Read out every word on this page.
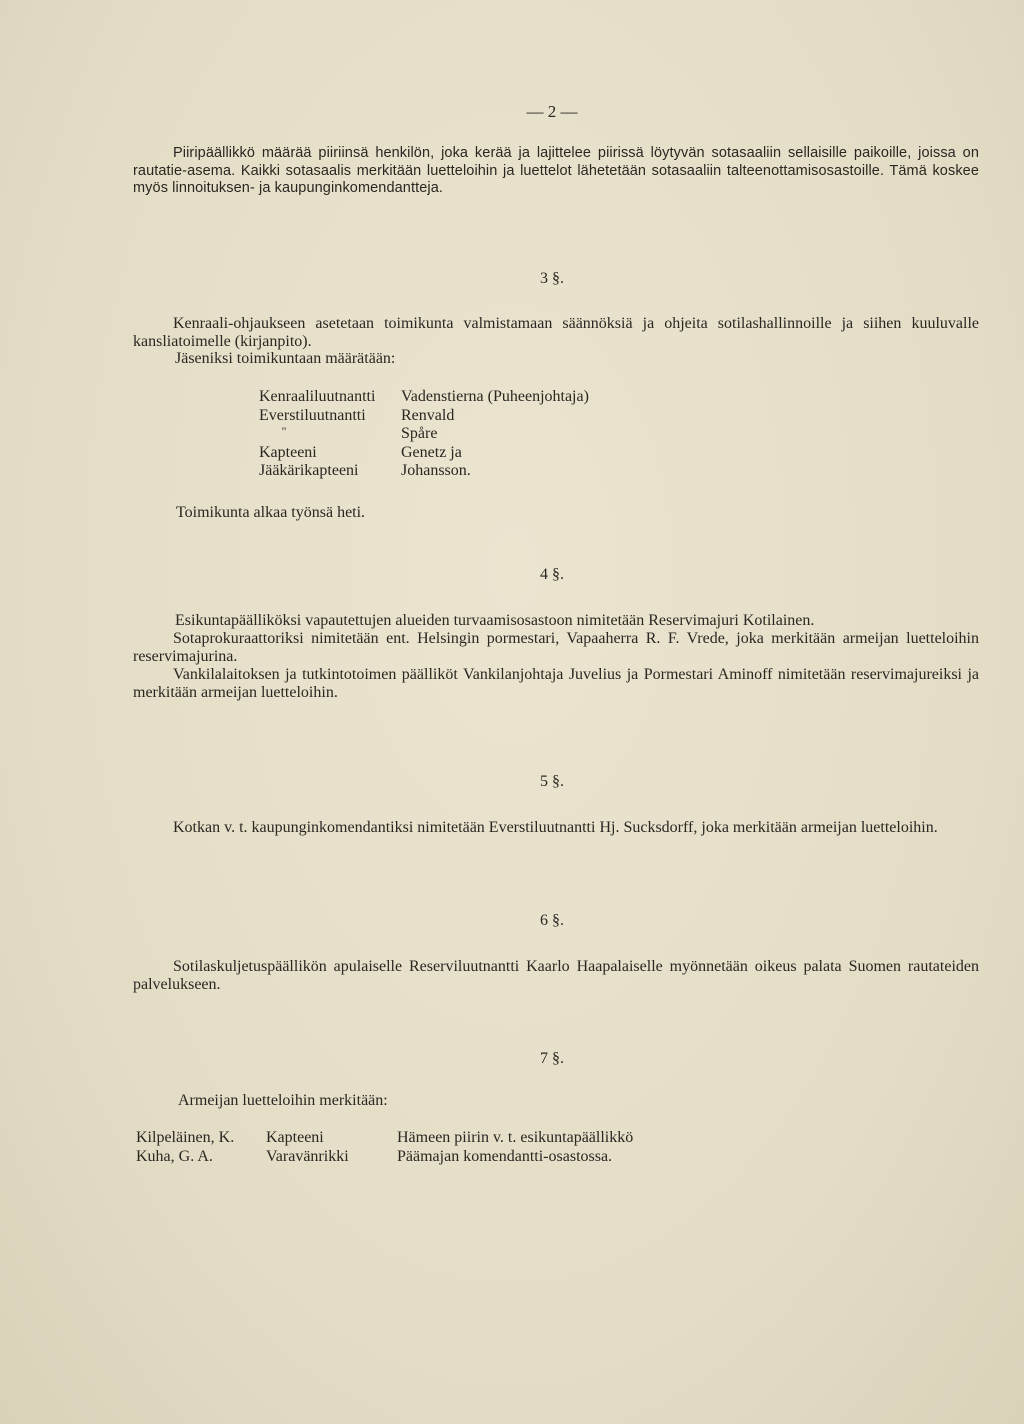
— 2 —

Piiripäällikkö määrää piiriinsä henkilön, joka kerää ja lajittelee piirissä löytyvän sotasaaliin sellaisille paikoille, joissa on rautatie-asema. Kaikki sotasaalis merkitään luetteloihin ja luettelot lähetetään sotasaaliin talteenottamisosastoille. Tämä koskee myös linnoituksen- ja kaupunginkomendantteja.

3 §.

Kenraali-ohjaukseen asetetaan toimikunta valmistamaan säännöksiä ja ohjeita sotilashallinnoille ja siihen kuuluvalle kansliatoimelle (kirjanpito).

Jäseniksi toimikuntaan määrätään:
Kenraaliluutnantti	Vadenstierna (Puheenjohtaja)
Everstiluutnantti	Renvald
"	Spåre
Kapteeni	Genetz ja
Jääkärikapteeni	Johansson.
Toimikunta alkaa työnsä heti.
4 §.
Esikuntapäälliköksi vapautettujen alueiden turvaamisosastoon nimitetään Reservimajuri Kotilainen.

Sotaprokuraattoriksi nimitetään ent. Helsingin pormestari, Vapaaherra R. F. Vrede, joka merkitään armeijan luetteloihin reservimajurina.

Vankilalaitoksen ja tutkintotoimen päälliköt Vankilanjohtaja Juvelius ja Pormestari Aminoff nimitetään reservimajureiksi ja merkitään armeijan luetteloihin.

5 §.

Kotkan v. t. kaupunginkomendantiksi nimitetään Everstiluutnantti Hj. Sucksdorff, joka merkitään armeijan luetteloihin.

6 §.

Sotilaskuljetuspäällikön apulaiselle Reserviluutnantti Kaarlo Haapalaiselle myönnetään oikeus palata Suomen rautateiden palvelukseen.

7 §.
Armeijan luetteloihin merkitään:
Kilpeläinen, K.	Kapteeni	Hämeen piirin v. t. esikuntapäällikkö
Kuha, G. A.	Varavänrikki	Päämajan komendantti-osastossa.
